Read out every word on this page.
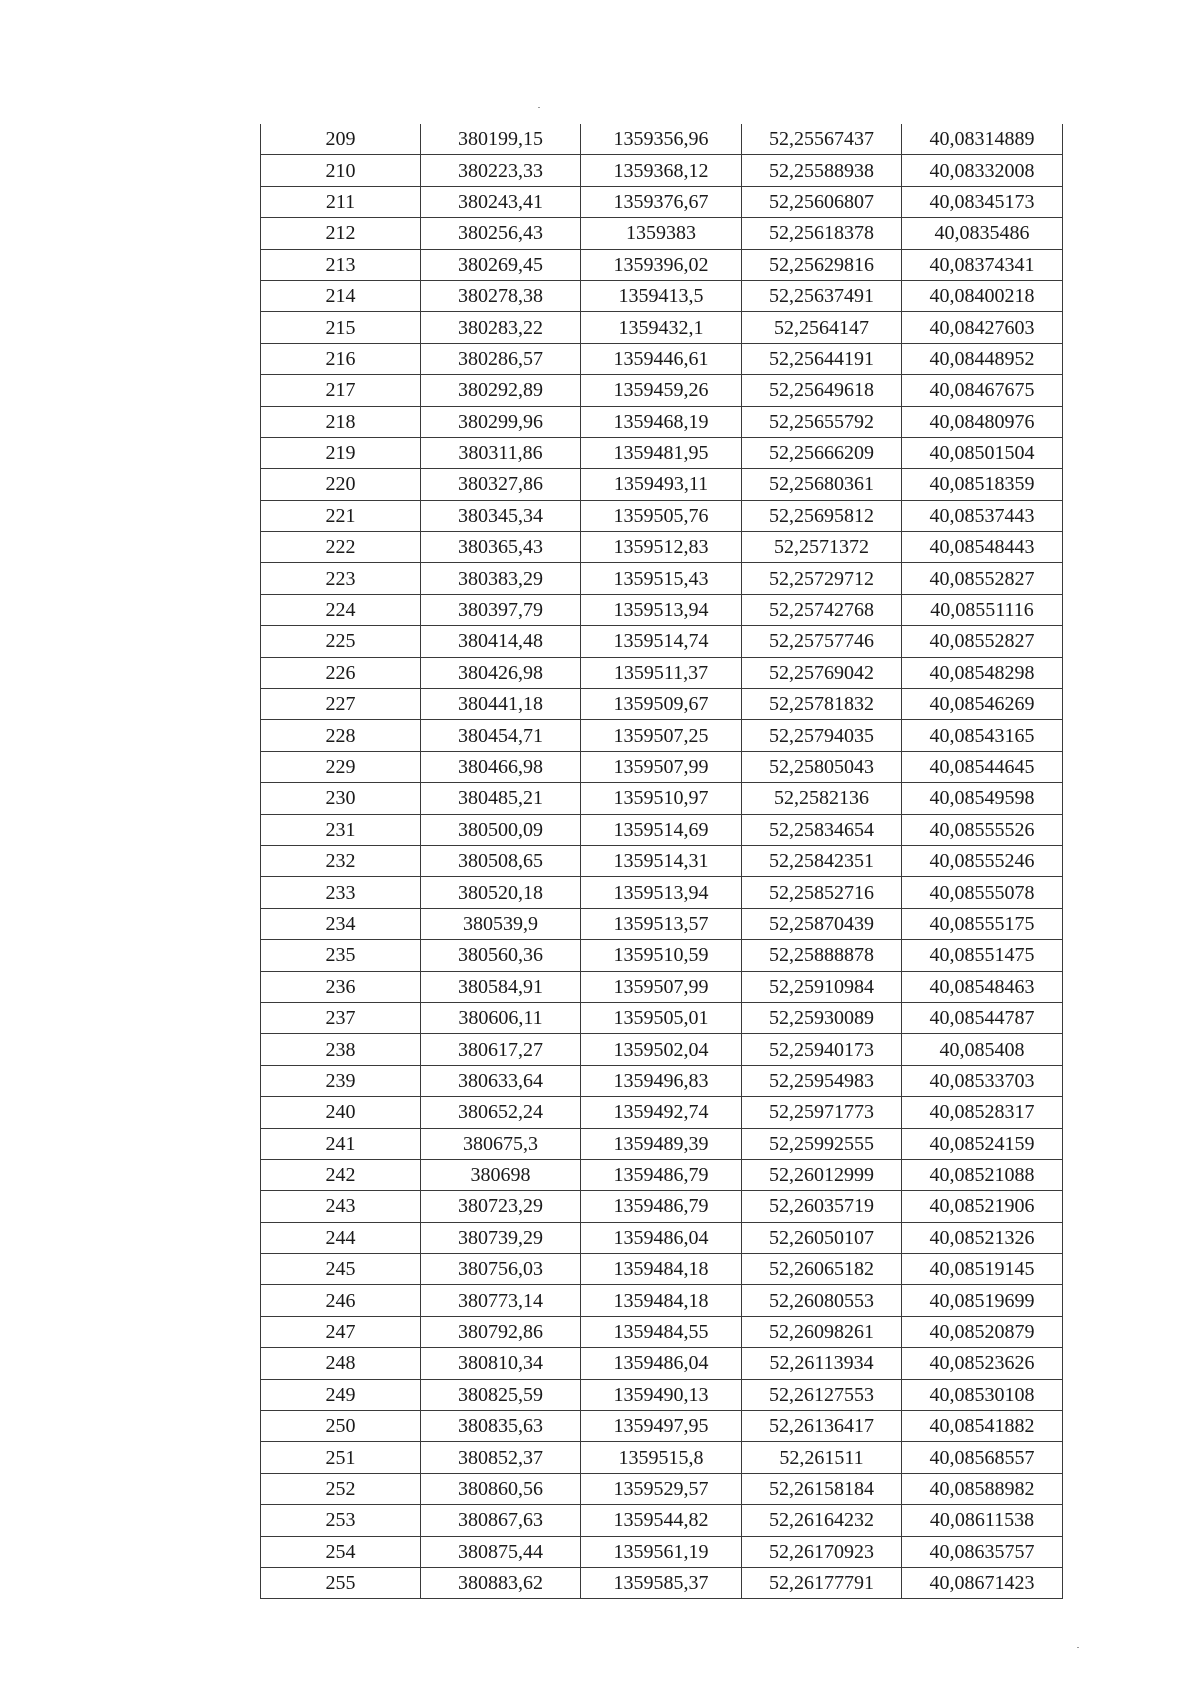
209	380199,15	1359356,96	52,25567437	40,08314889
210	380223,33	1359368,12	52,25588938	40,08332008
211	380243,41	1359376,67	52,25606807	40,08345173
212	380256,43	1359383	52,25618378	40,0835486
213	380269,45	1359396,02	52,25629816	40,08374341
214	380278,38	1359413,5	52,25637491	40,08400218
215	380283,22	1359432,1	52,2564147	40,08427603
216	380286,57	1359446,61	52,25644191	40,08448952
217	380292,89	1359459,26	52,25649618	40,08467675
218	380299,96	1359468,19	52,25655792	40,08480976
219	380311,86	1359481,95	52,25666209	40,08501504
220	380327,86	1359493,11	52,25680361	40,08518359
221	380345,34	1359505,76	52,25695812	40,08537443
222	380365,43	1359512,83	52,2571372	40,08548443
223	380383,29	1359515,43	52,25729712	40,08552827
224	380397,79	1359513,94	52,25742768	40,08551116
225	380414,48	1359514,74	52,25757746	40,08552827
226	380426,98	1359511,37	52,25769042	40,08548298
227	380441,18	1359509,67	52,25781832	40,08546269
228	380454,71	1359507,25	52,25794035	40,08543165
229	380466,98	1359507,99	52,25805043	40,08544645
230	380485,21	1359510,97	52,2582136	40,08549598
231	380500,09	1359514,69	52,25834654	40,08555526
232	380508,65	1359514,31	52,25842351	40,08555246
233	380520,18	1359513,94	52,25852716	40,08555078
234	380539,9	1359513,57	52,25870439	40,08555175
235	380560,36	1359510,59	52,25888878	40,08551475
236	380584,91	1359507,99	52,25910984	40,08548463
237	380606,11	1359505,01	52,25930089	40,08544787
238	380617,27	1359502,04	52,25940173	40,085408
239	380633,64	1359496,83	52,25954983	40,08533703
240	380652,24	1359492,74	52,25971773	40,08528317
241	380675,3	1359489,39	52,25992555	40,08524159
242	380698	1359486,79	52,26012999	40,08521088
243	380723,29	1359486,79	52,26035719	40,08521906
244	380739,29	1359486,04	52,26050107	40,08521326
245	380756,03	1359484,18	52,26065182	40,08519145
246	380773,14	1359484,18	52,26080553	40,08519699
247	380792,86	1359484,55	52,26098261	40,08520879
248	380810,34	1359486,04	52,26113934	40,08523626
249	380825,59	1359490,13	52,26127553	40,08530108
250	380835,63	1359497,95	52,26136417	40,08541882
251	380852,37	1359515,8	52,261511	40,08568557
252	380860,56	1359529,57	52,26158184	40,08588982
253	380867,63	1359544,82	52,26164232	40,08611538
254	380875,44	1359561,19	52,26170923	40,08635757
255	380883,62	1359585,37	52,26177791	40,08671423
